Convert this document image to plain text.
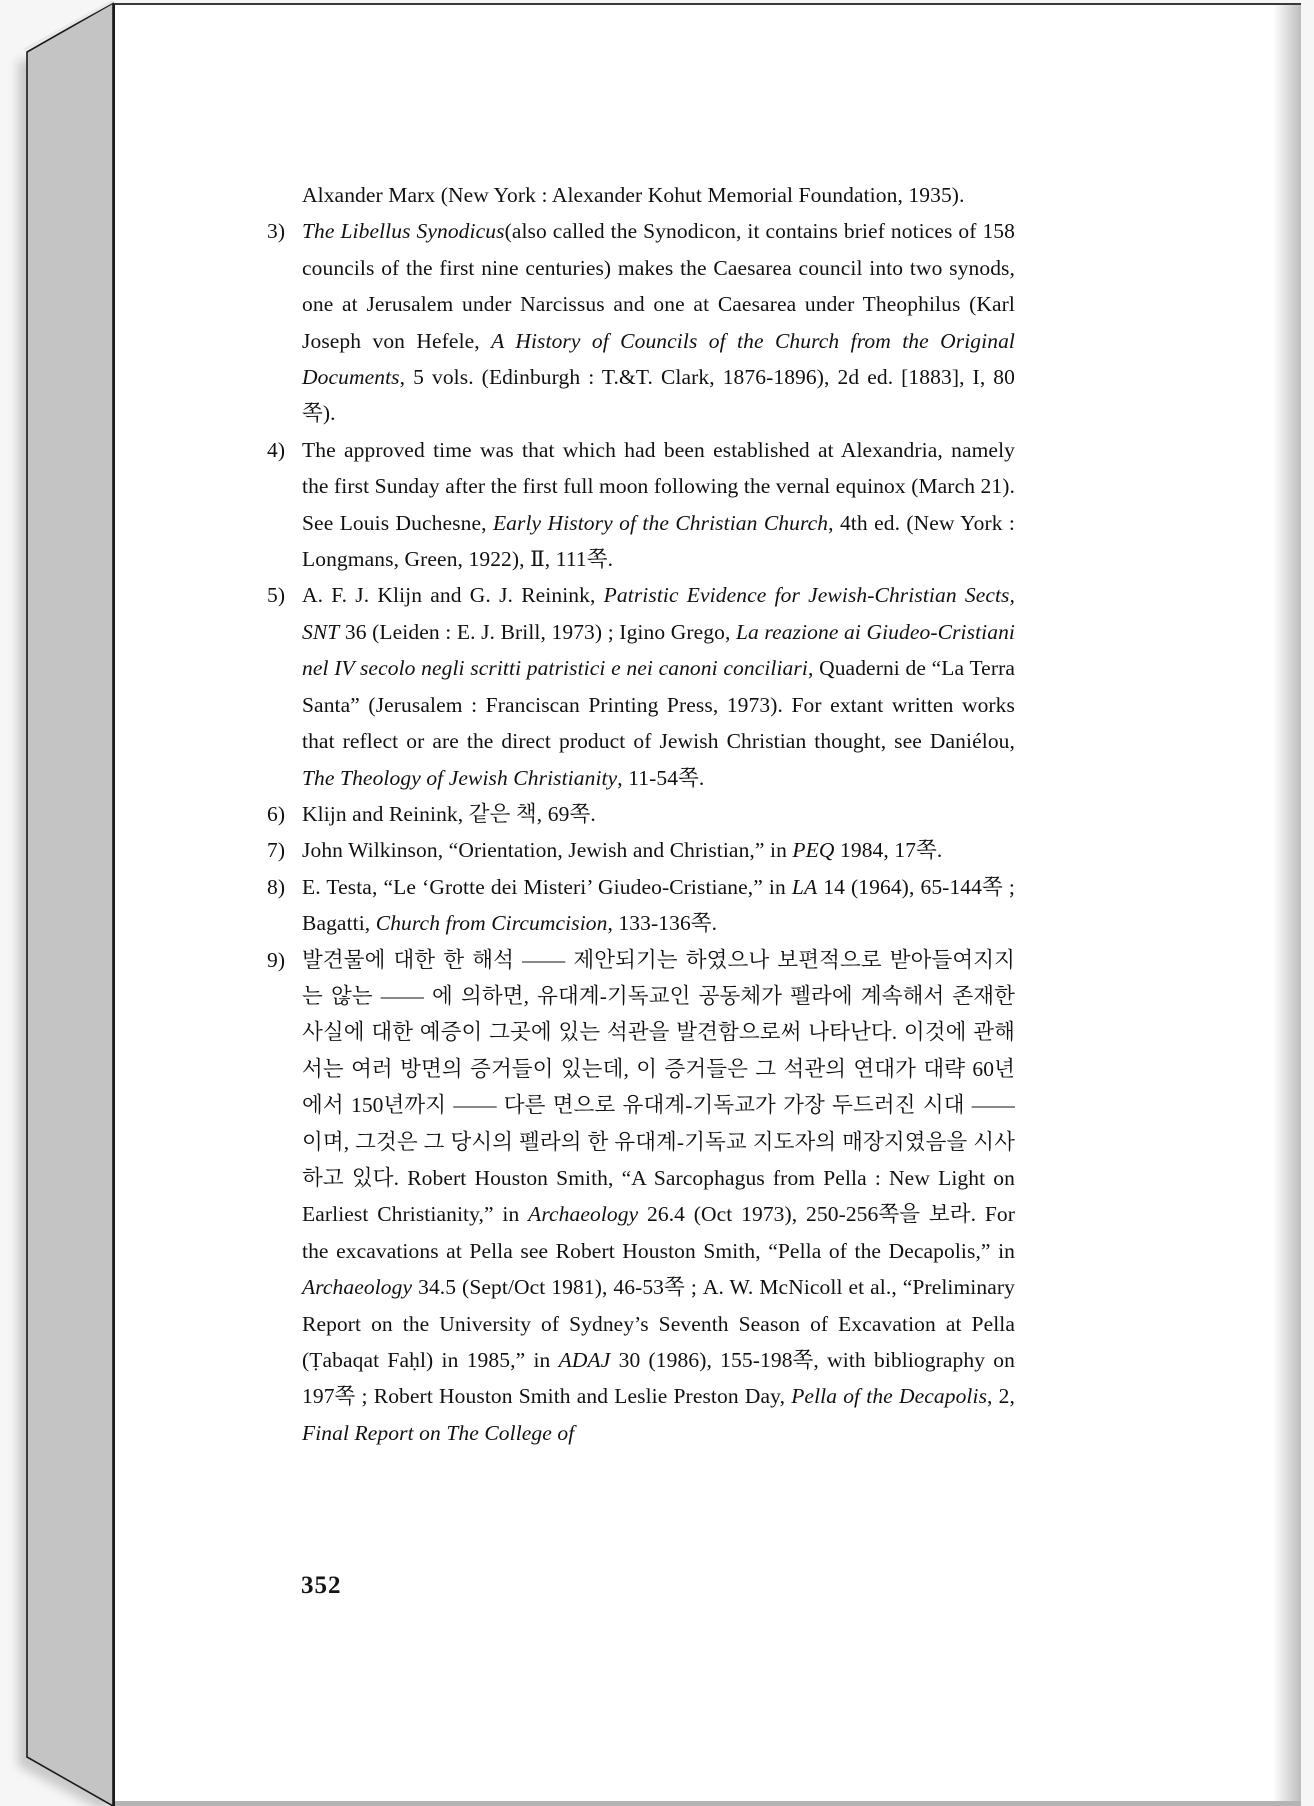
Alxander Marx (New York : Alexander Kohut Memorial Foundation, 1935).
3) The Libellus Synodicus(also called the Synodicon, it contains brief notices of 158 councils of the first nine centuries) makes the Caesarea council into two synods, one at Jerusalem under Narcissus and one at Caesarea under Theophilus (Karl Joseph von Hefele, A History of Councils of the Church from the Original Documents, 5 vols. (Edinburgh : T.&T. Clark, 1876-1896), 2d ed. [1883], I, 80쪽).
4) The approved time was that which had been established at Alexandria, namely the first Sunday after the first full moon following the vernal equinox (March 21). See Louis Duchesne, Early History of the Christian Church, 4th ed. (New York : Longmans, Green, 1922), Ⅱ, 111쪽.
5) A. F. J. Klijn and G. J. Reinink, Patristic Evidence for Jewish-Christian Sects, SNT 36 (Leiden : E. J. Brill, 1973) ; Igino Grego, La reazione ai Giudeo-Cristiani nel IV secolo negli scritti patristici e nei canoni conciliari, Quaderni de “La Terra Santa” (Jerusalem : Franciscan Printing Press, 1973). For extant written works that reflect or are the direct product of Jewish Christian thought, see Daniélou, The Theology of Jewish Christianity, 11-54쪽.
6) Klijn and Reinink, 같은 책, 69쪽.
7) John Wilkinson, “Orientation, Jewish and Christian,” in PEQ 1984, 17쪽.
8) E. Testa, “Le ‘Grotte dei Misteri’ Giudeo-Cristiane,” in LA 14 (1964), 65-144쪽 ; Bagatti, Church from Circumcision, 133-136쪽.
9) 발견물에 대한 한 해석 —— 제안되기는 하였으나 보편적으로 받아들여지지는 않는 —— 에 의하면, 유대계-기독교인 공동체가 펠라에 계속해서 존재한 사실에 대한 예증이 그곳에 있는 석관을 발견함으로써 나타난다. 이것에 관해서는 여러 방면의 증거들이 있는데, 이 증거들은 그 석관의 연대가 대략 60년에서 150년까지 —— 다른 면으로 유대계-기독교가 가장 두드러진 시대 —— 이며, 그것은 그 당시의 펠라의 한 유대계-기독교 지도자의 매장지였음을 시사하고 있다. Robert Houston Smith, “A Sarcophagus from Pella : New Light on Earliest Christianity,” in Archaeology 26.4 (Oct 1973), 250-256쪽을 보라. For the excavations at Pella see Robert Houston Smith, “Pella of the Decapolis,” in Archaeology 34.5 (Sept/Oct 1981), 46-53쪽 ; A. W. McNicoll et al., “Preliminary Report on the University of Sydney’s Seventh Season of Excavation at Pella (Ṭabaqat Faḥl) in 1985,” in ADAJ 30 (1986), 155-198쪽, with bibliography on 197쪽 ; Robert Houston Smith and Leslie Preston Day, Pella of the Decapolis, 2, Final Report on The College of
352
